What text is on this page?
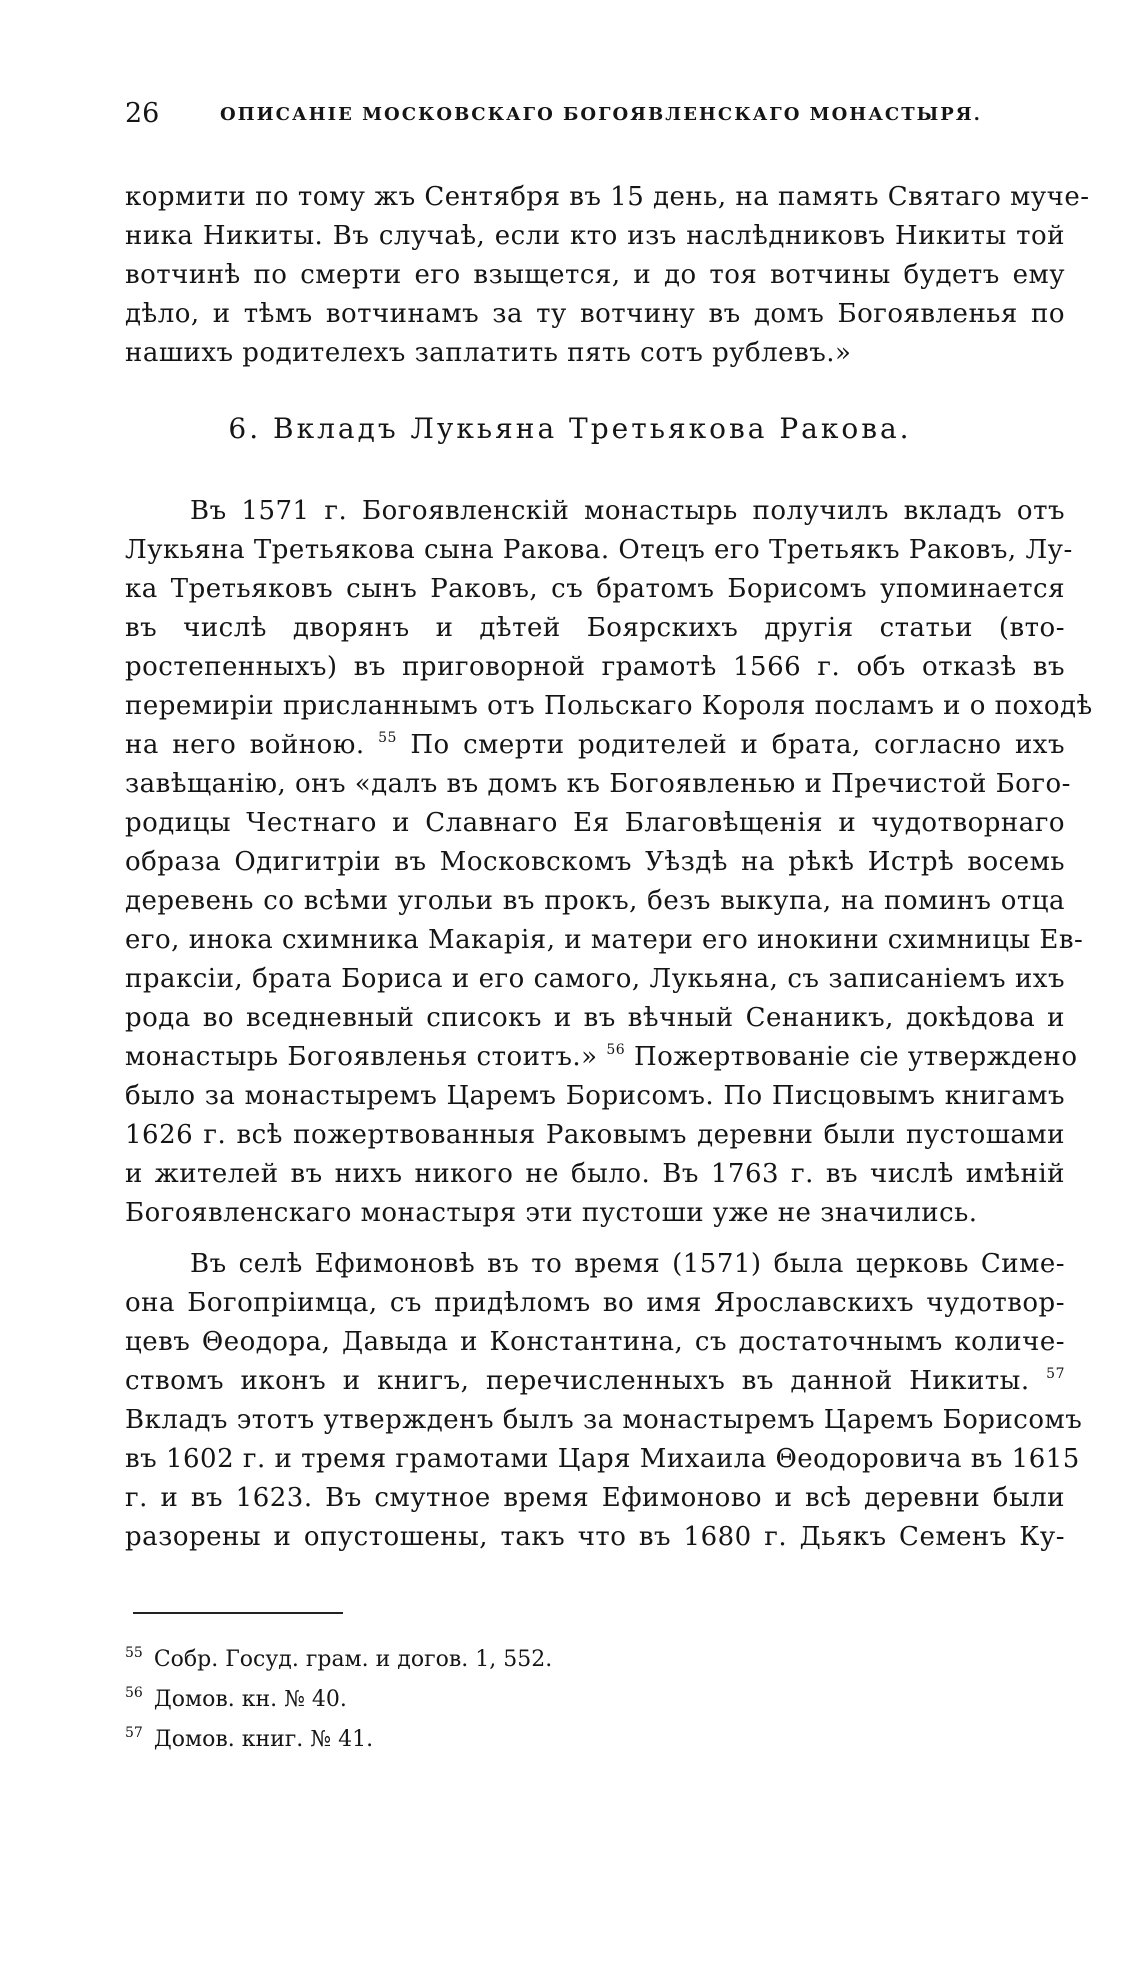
26	ОПИСАНІЕ МОСКОВСКАГО БОГОЯВЛЕНСКАГО МОНАСТЫРЯ.
кормити по тому жъ Сентября въ 15 день, на память Святаго муче-
ника Никиты. Въ случаѣ, если кто изъ наслѣдниковъ Никиты той
вотчинѣ по смерти его взыщется, и до тоя вотчины будетъ ему
дѣло, и тѣмъ вотчинамъ за ту вотчину въ домъ Богоявленья по
нашихъ родителехъ заплатить пять сотъ рублевъ.»
6. Вкладъ Лукьяна Третьякова Ракова.
Въ 1571 г. Богоявленскій монастырь получилъ вкладъ отъ
Лукьяна Третьякова сына Ракова. Отецъ его Третьякъ Раковъ, Лу-
ка Третьяковъ сынъ Раковъ, съ братомъ Борисомъ упоминается
въ числѣ дворянъ и дѣтей Боярскихъ другія статьи (вто-
ростепенныхъ) въ приговорной грамотѣ 1566 г. объ отказѣ въ
перемиріи присланнымъ отъ Польскаго Короля посламъ и о походѣ
на него войною. $^{55}$ По смерти родителей и брата, согласно ихъ
завѣщанію, онъ «далъ въ домъ къ Богоявленью и Пречистой Бого-
родицы Честнаго и Славнаго Ея Благовѣщенія и чудотворнаго
образа Одигитріи въ Московскомъ Уѣздѣ на рѣкѣ Истрѣ восемь
деревень со всѣми угольи въ прокъ, безъ выкупа, на поминъ отца
его, инока схимника Макарія, и матери его инокини схимницы Ев-
праксіи, брата Бориса и его самого, Лукьяна, съ записаніемъ ихъ
рода во вседневный списокъ и въ вѣчный Сенаникъ, докѣдова и
монастырь Богоявленья стоитъ.» $^{56}$ Пожертвованіе сіе утверждено
было за монастыремъ Царемъ Борисомъ. По Писцовымъ книгамъ
1626 г. всѣ пожертвованныя Раковымъ деревни были пустошами
и жителей въ нихъ никого не было. Въ 1763 г. въ числѣ имѣній
Богоявленскаго монастыря эти пустоши уже не значились.
Въ селѣ Ефимоновѣ въ то время (1571) была церковь Симе-
она Богопріимца, съ придѣломъ во имя Ярославскихъ чудотвор-
цевъ Θеодора, Давыда и Константина, съ достаточнымъ количе-
ствомъ иконъ и книгъ, перечисленныхъ въ данной Никиты. $^{57}$
Вкладъ этотъ утвержденъ былъ за монастыремъ Царемъ Борисомъ
въ 1602 г. и тремя грамотами Царя Михаила Θеодоровича въ 1615
г. и въ 1623. Въ смутное время Ефимоново и всѣ деревни были
разорены и опустошены, такъ что въ 1680 г. Дьякъ Семенъ Ку-
$^{55}$ Собр. Госуд. грам. и догов. 1, 552.
$^{56}$ Домов. кн. № 40.
$^{57}$ Домов. книг. № 41.
